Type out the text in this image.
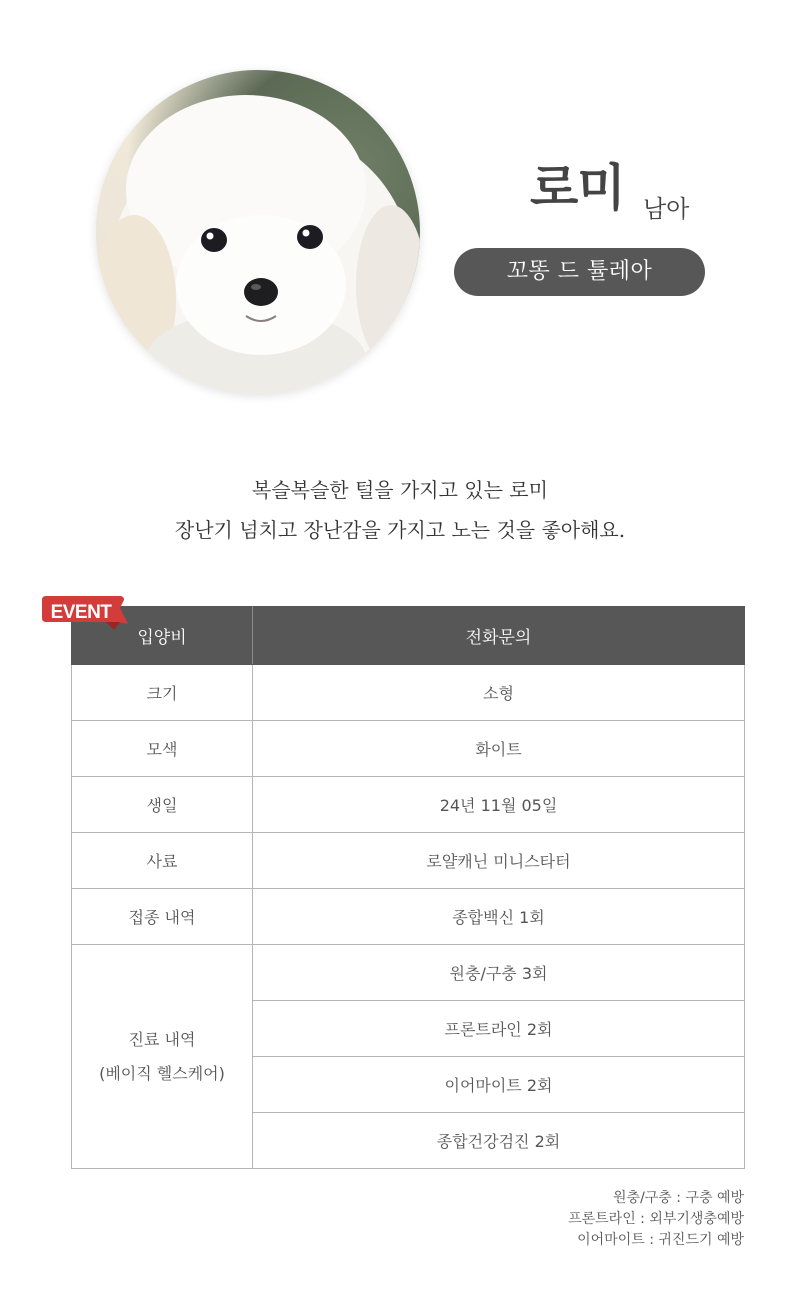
로미 남아
꼬똥 드 튤레아
복슬복슬한 털을 가지고 있는 로미
장난기 넘치고 장난감을 가지고 노는 것을 좋아해요.
입양비	전화문의
크기	소형
모색	화이트
생일	24년 11월 05일
사료	로얄캐닌 미니스타터
접종 내역	종합백신 1회

진료 내역
(베이직 헬스케어)	원충/구충 3회
	프론트라인 2회
	이어마이트 2회
	종합건강검진 2회
EVENT
원충/구충 : 구충 예방
프론트라인 : 외부기생충예방
이어마이트 : 귀진드기 예방
